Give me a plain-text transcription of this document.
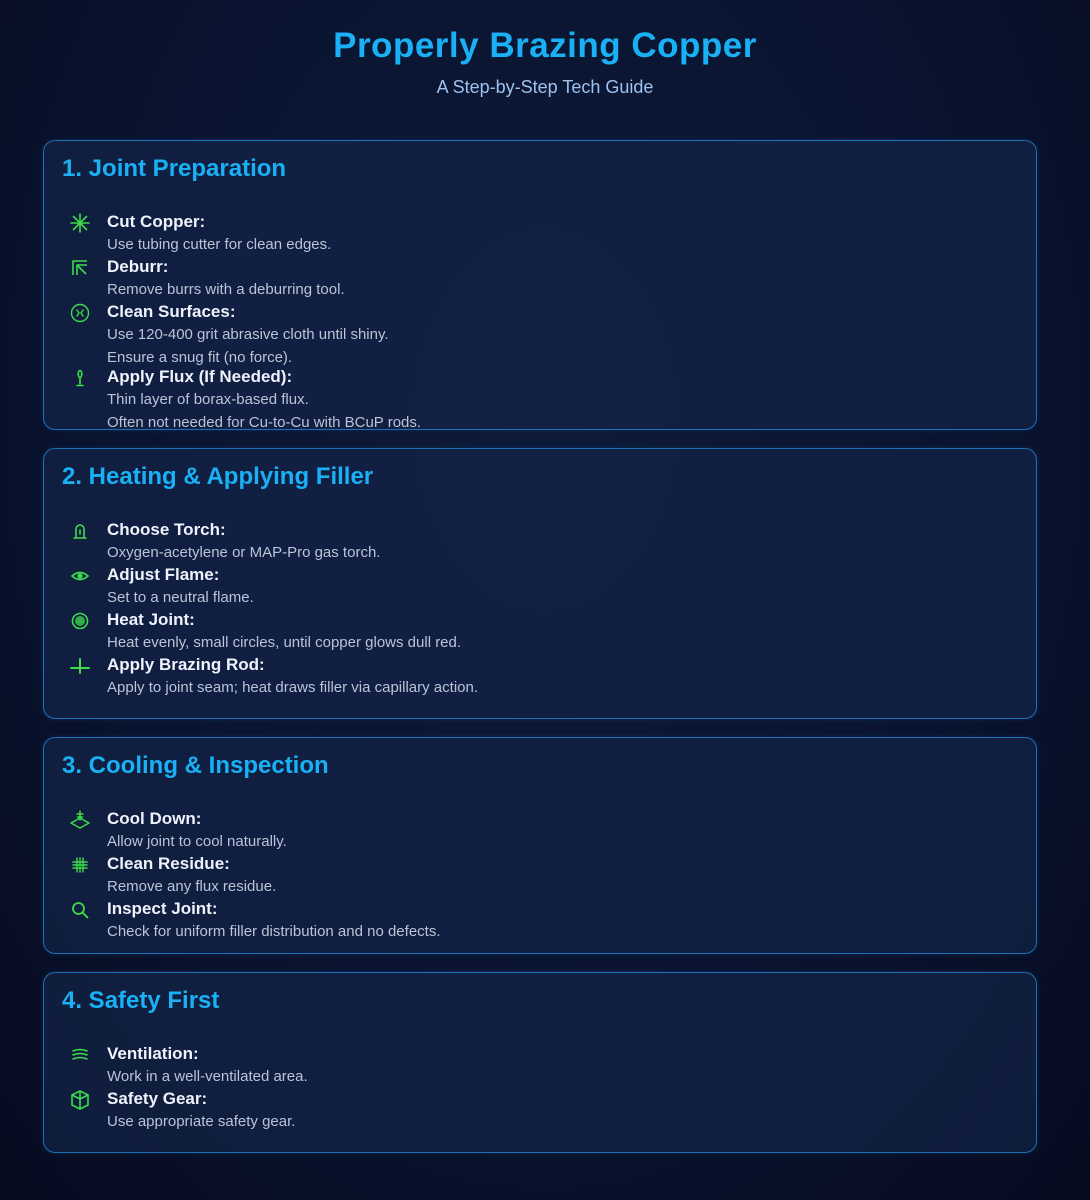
Properly Brazing Copper
A Step-by-Step Tech Guide
1. Joint Preparation
Cut Copper:
Use tubing cutter for clean edges.
Deburr:
Remove burrs with a deburring tool.
Clean Surfaces:
Use 120-400 grit abrasive cloth until shiny.
Ensure a snug fit (no force).
Apply Flux (If Needed):
Thin layer of borax-based flux.
Often not needed for Cu-to-Cu with BCuP rods.
2. Heating & Applying Filler
Choose Torch:
Oxygen-acetylene or MAP-Pro gas torch.
Adjust Flame:
Set to a neutral flame.
Heat Joint:
Heat evenly, small circles, until copper glows dull red.
Apply Brazing Rod:
Apply to joint seam; heat draws filler via capillary action.
3. Cooling & Inspection
Cool Down:
Allow joint to cool naturally.
Clean Residue:
Remove any flux residue.
Inspect Joint:
Check for uniform filler distribution and no defects.
4. Safety First
Ventilation:
Work in a well-ventilated area.
Safety Gear:
Use appropriate safety gear.
